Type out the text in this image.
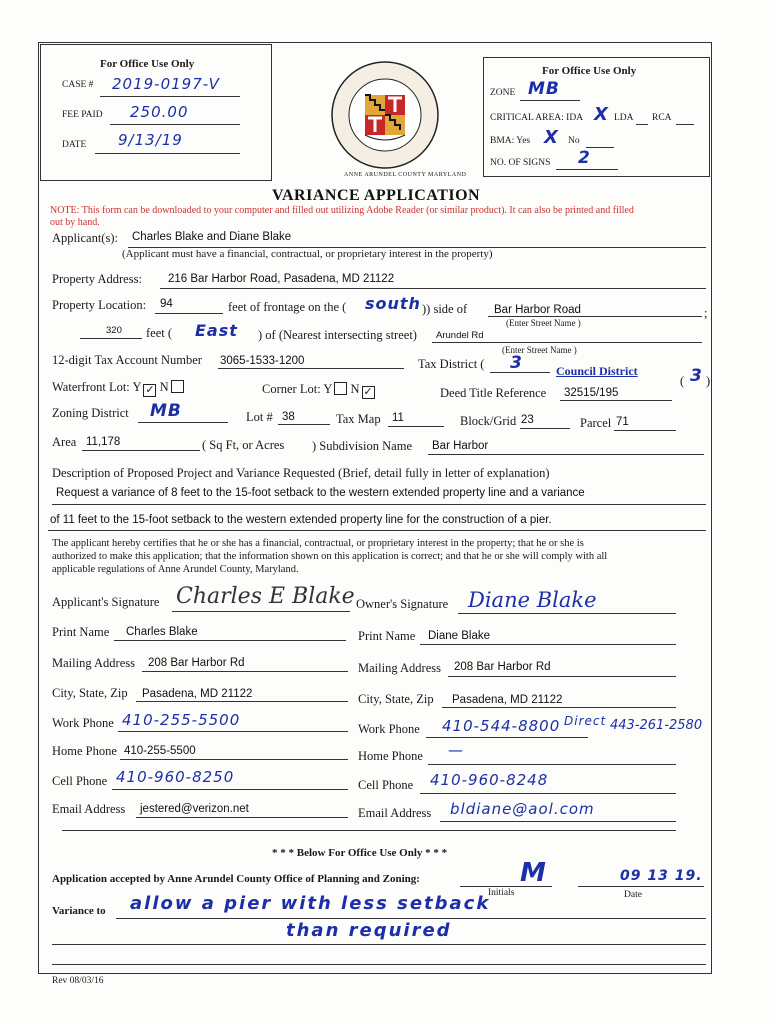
For Office Use Only
CASE # 2019-0197-V
FEE PAID 250.00
DATE 9/13/19
ANNE ARUNDEL COUNTY MARYLAND
For Office Use Only
ZONE MB
CRITICAL AREA: IDA X LDA RCA
BMA: Yes X No
NO. OF SIGNS 2
VARIANCE APPLICATION
NOTE: This form can be downloaded to your computer and filled out utilizing Adobe Reader (or similar product). It can also be printed and filled
out by hand.
Applicant(s): Charles Blake and Diane Blake
(Applicant must have a financial, contractual, or proprietary interest in the property)
Property Address: 216 Bar Harbor Road, Pasadena, MD 21122
Property Location: 94	feet of frontage on the ( south )) side of Bar Harbor Road
(Enter Street Name )
;
320 feet ( East ) of (Nearest intersecting street) Arundel Rd
(Enter Street Name )
12-digit Tax Account Number 3065-1533-1200	Tax District ( 3	Council District
( 3 )
Waterfront Lot: Y ✓ N	Corner Lot: Y N ✓	Deed Title Reference 32515/195
Zoning District MB	Lot # 38	Tax Map 11	Block/Grid 23	Parcel 71
Area 11,178	( Sq Ft, or Acres ) Subdivision Name Bar Harbor
Description of Proposed Project and Variance Requested (Brief, detail fully in letter of explanation)
Request a variance of 8 feet to the 15-foot setback to the western extended property line and a variance
of 11 feet to the 15-foot setback to the western extended property line for the construction of a pier.
The applicant hereby certifies that he or she has a financial, contractual, or proprietary interest in the property; that he or she is
authorized to make this application; that the information shown on this application is correct; and that he or she will comply with all
applicable regulations of Anne Arundel County, Maryland.
Applicant's Signature Charles E Blake Owner's Signature Diane Blake
Print Name Charles Blake
Mailing Address 208 Bar Harbor Rd
City, State, Zip Pasadena, MD 21122
Work Phone 410-255-5500
Home Phone 410-255-5500
Cell Phone 410-960-8250
Email Address jestered@verizon.net
Print Name Diane Blake
Mailing Address 208 Bar Harbor Rd
City, State, Zip Pasadena, MD 21122
Work Phone 410-544-8800 Direct 443-261-2580
Home Phone —
Cell Phone 410-960-8248
Email Address bldiane@aol.com
* * * Below For Office Use Only * * *
Application accepted by Anne Arundel County Office of Planning and Zoning:	M
Initials
09 13 19.
Date
Variance to allow a pier with less setback
than required
Rev 08/03/16
